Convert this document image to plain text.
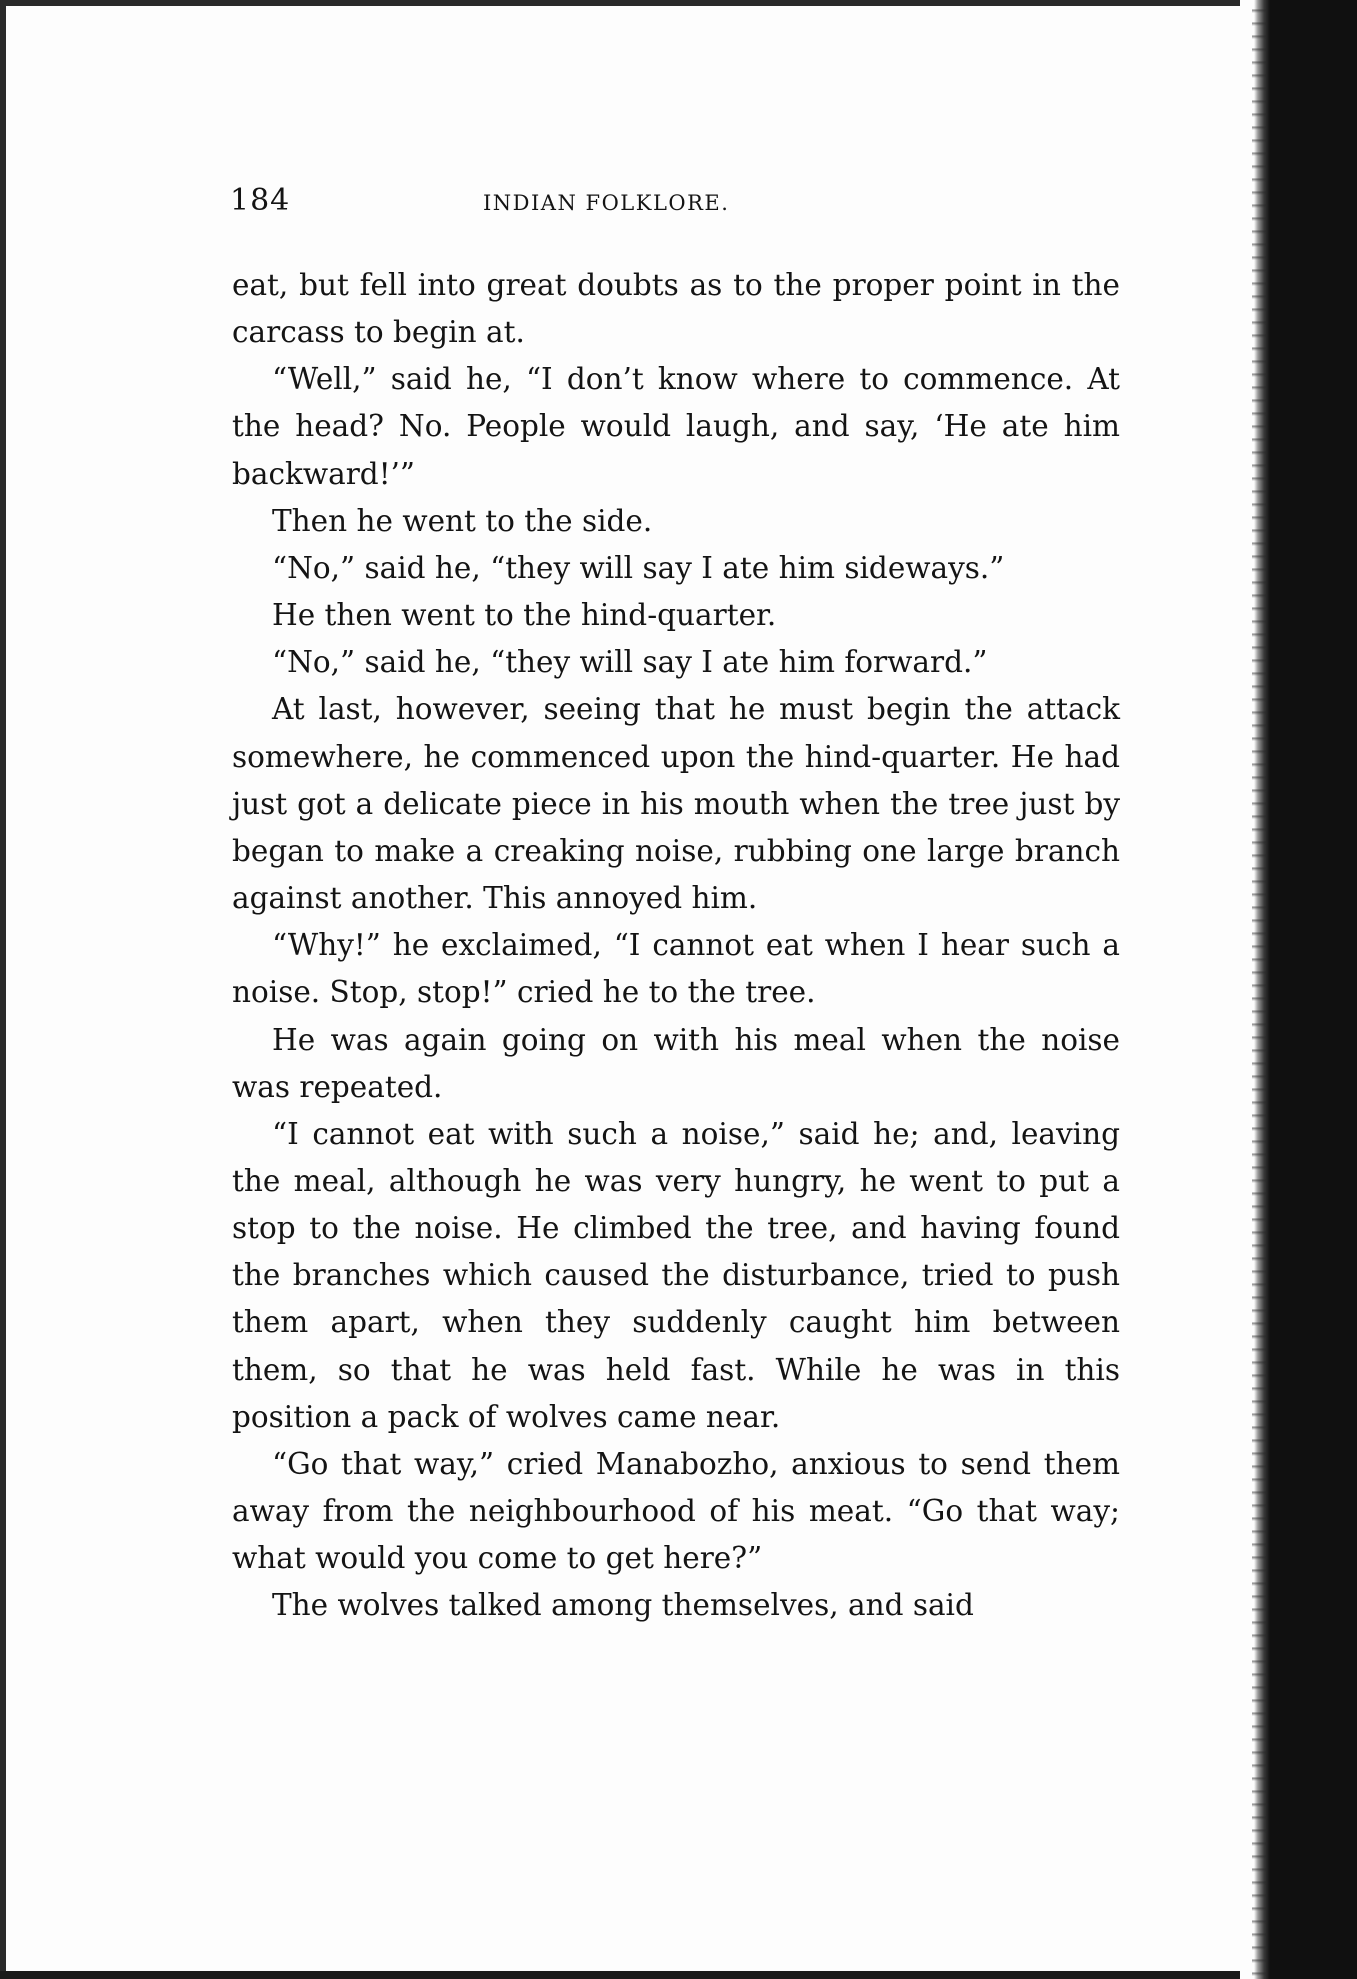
184	INDIAN FOLKLORE.

eat, but fell into great doubts as to the proper point in the carcass to begin at.

“Well,” said he, “I don’t know where to commence. At the head? No. People would laugh, and say, ‘He ate him backward!’”

Then he went to the side.

“No,” said he, “they will say I ate him sideways.”

He then went to the hind-quarter.

“No,” said he, “they will say I ate him forward.”

At last, however, seeing that he must begin the attack somewhere, he commenced upon the hind-quarter. He had just got a delicate piece in his mouth when the tree just by began to make a creaking noise, rubbing one large branch against another. This annoyed him.

“Why!” he exclaimed, “I cannot eat when I hear such a noise. Stop, stop!” cried he to the tree.

He was again going on with his meal when the noise was repeated.

“I cannot eat with such a noise,” said he; and, leaving the meal, although he was very hungry, he went to put a stop to the noise. He climbed the tree, and having found the branches which caused the disturbance, tried to push them apart, when they suddenly caught him between them, so that he was held fast. While he was in this position a pack of wolves came near.

“Go that way,” cried Manabozho, anxious to send them away from the neighbourhood of his meat. “Go that way; what would you come to get here?”

The wolves talked among themselves, and said
